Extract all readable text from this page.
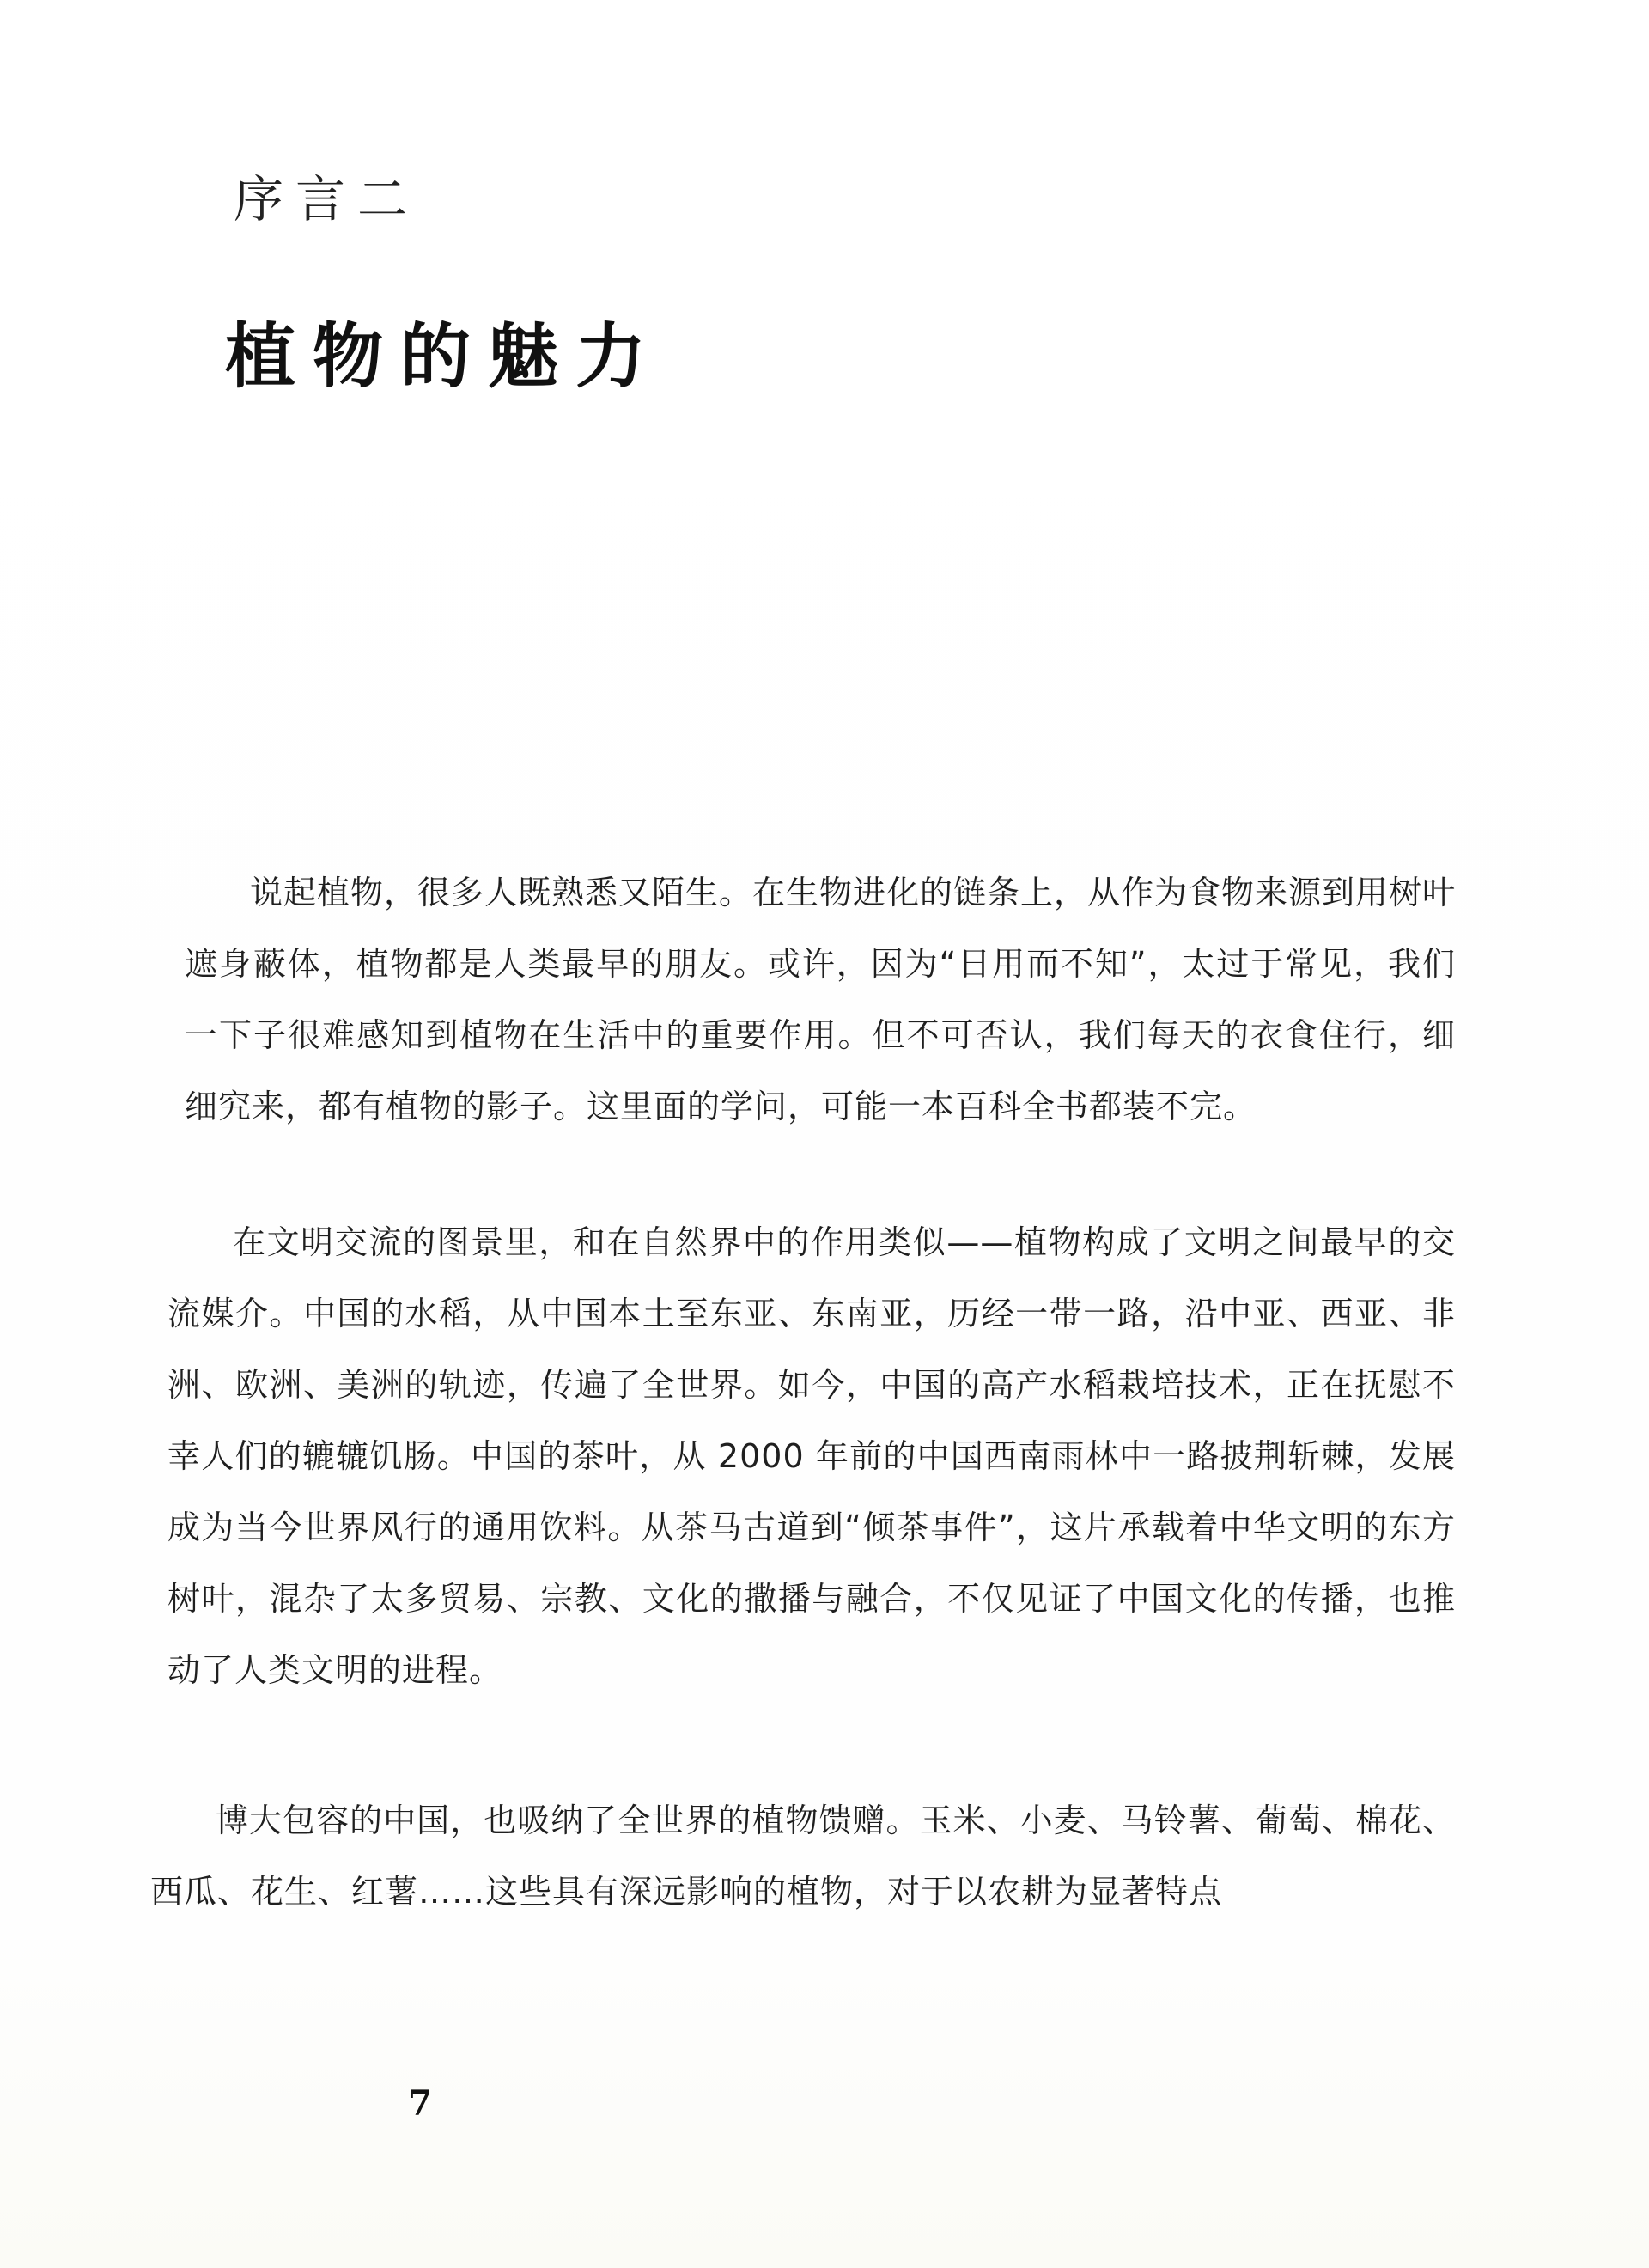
序言二
植物的魅力

说起植物，很多人既熟悉又陌生。在生物进化的链条上，从作为食物来源到用树叶遮身蔽体，植物都是人类最早的朋友。或许，因为“日用而不知”，太过于常见，我们一下子很难感知到植物在生活中的重要作用。但不可否认，我们每天的衣食住行，细细究来，都有植物的影子。这里面的学问，可能一本百科全书都装不完。

在文明交流的图景里，和在自然界中的作用类似——植物构成了文明之间最早的交流媒介。中国的水稻，从中国本土至东亚、东南亚，历经一带一路，沿中亚、西亚、非洲、欧洲、美洲的轨迹，传遍了全世界。如今，中国的高产水稻栽培技术，正在抚慰不幸人们的辘辘饥肠。中国的茶叶，从 2000 年前的中国西南雨林中一路披荆斩棘，发展成为当今世界风行的通用饮料。从茶马古道到“倾茶事件”，这片承载着中华文明的东方树叶，混杂了太多贸易、宗教、文化的撒播与融合，不仅见证了中国文化的传播，也推动了人类文明的进程。

博大包容的中国，也吸纳了全世界的植物馈赠。玉米、小麦、马铃薯、葡萄、棉花、西瓜、花生、红薯……这些具有深远影响的植物，对于以农耕为显著特点

7
